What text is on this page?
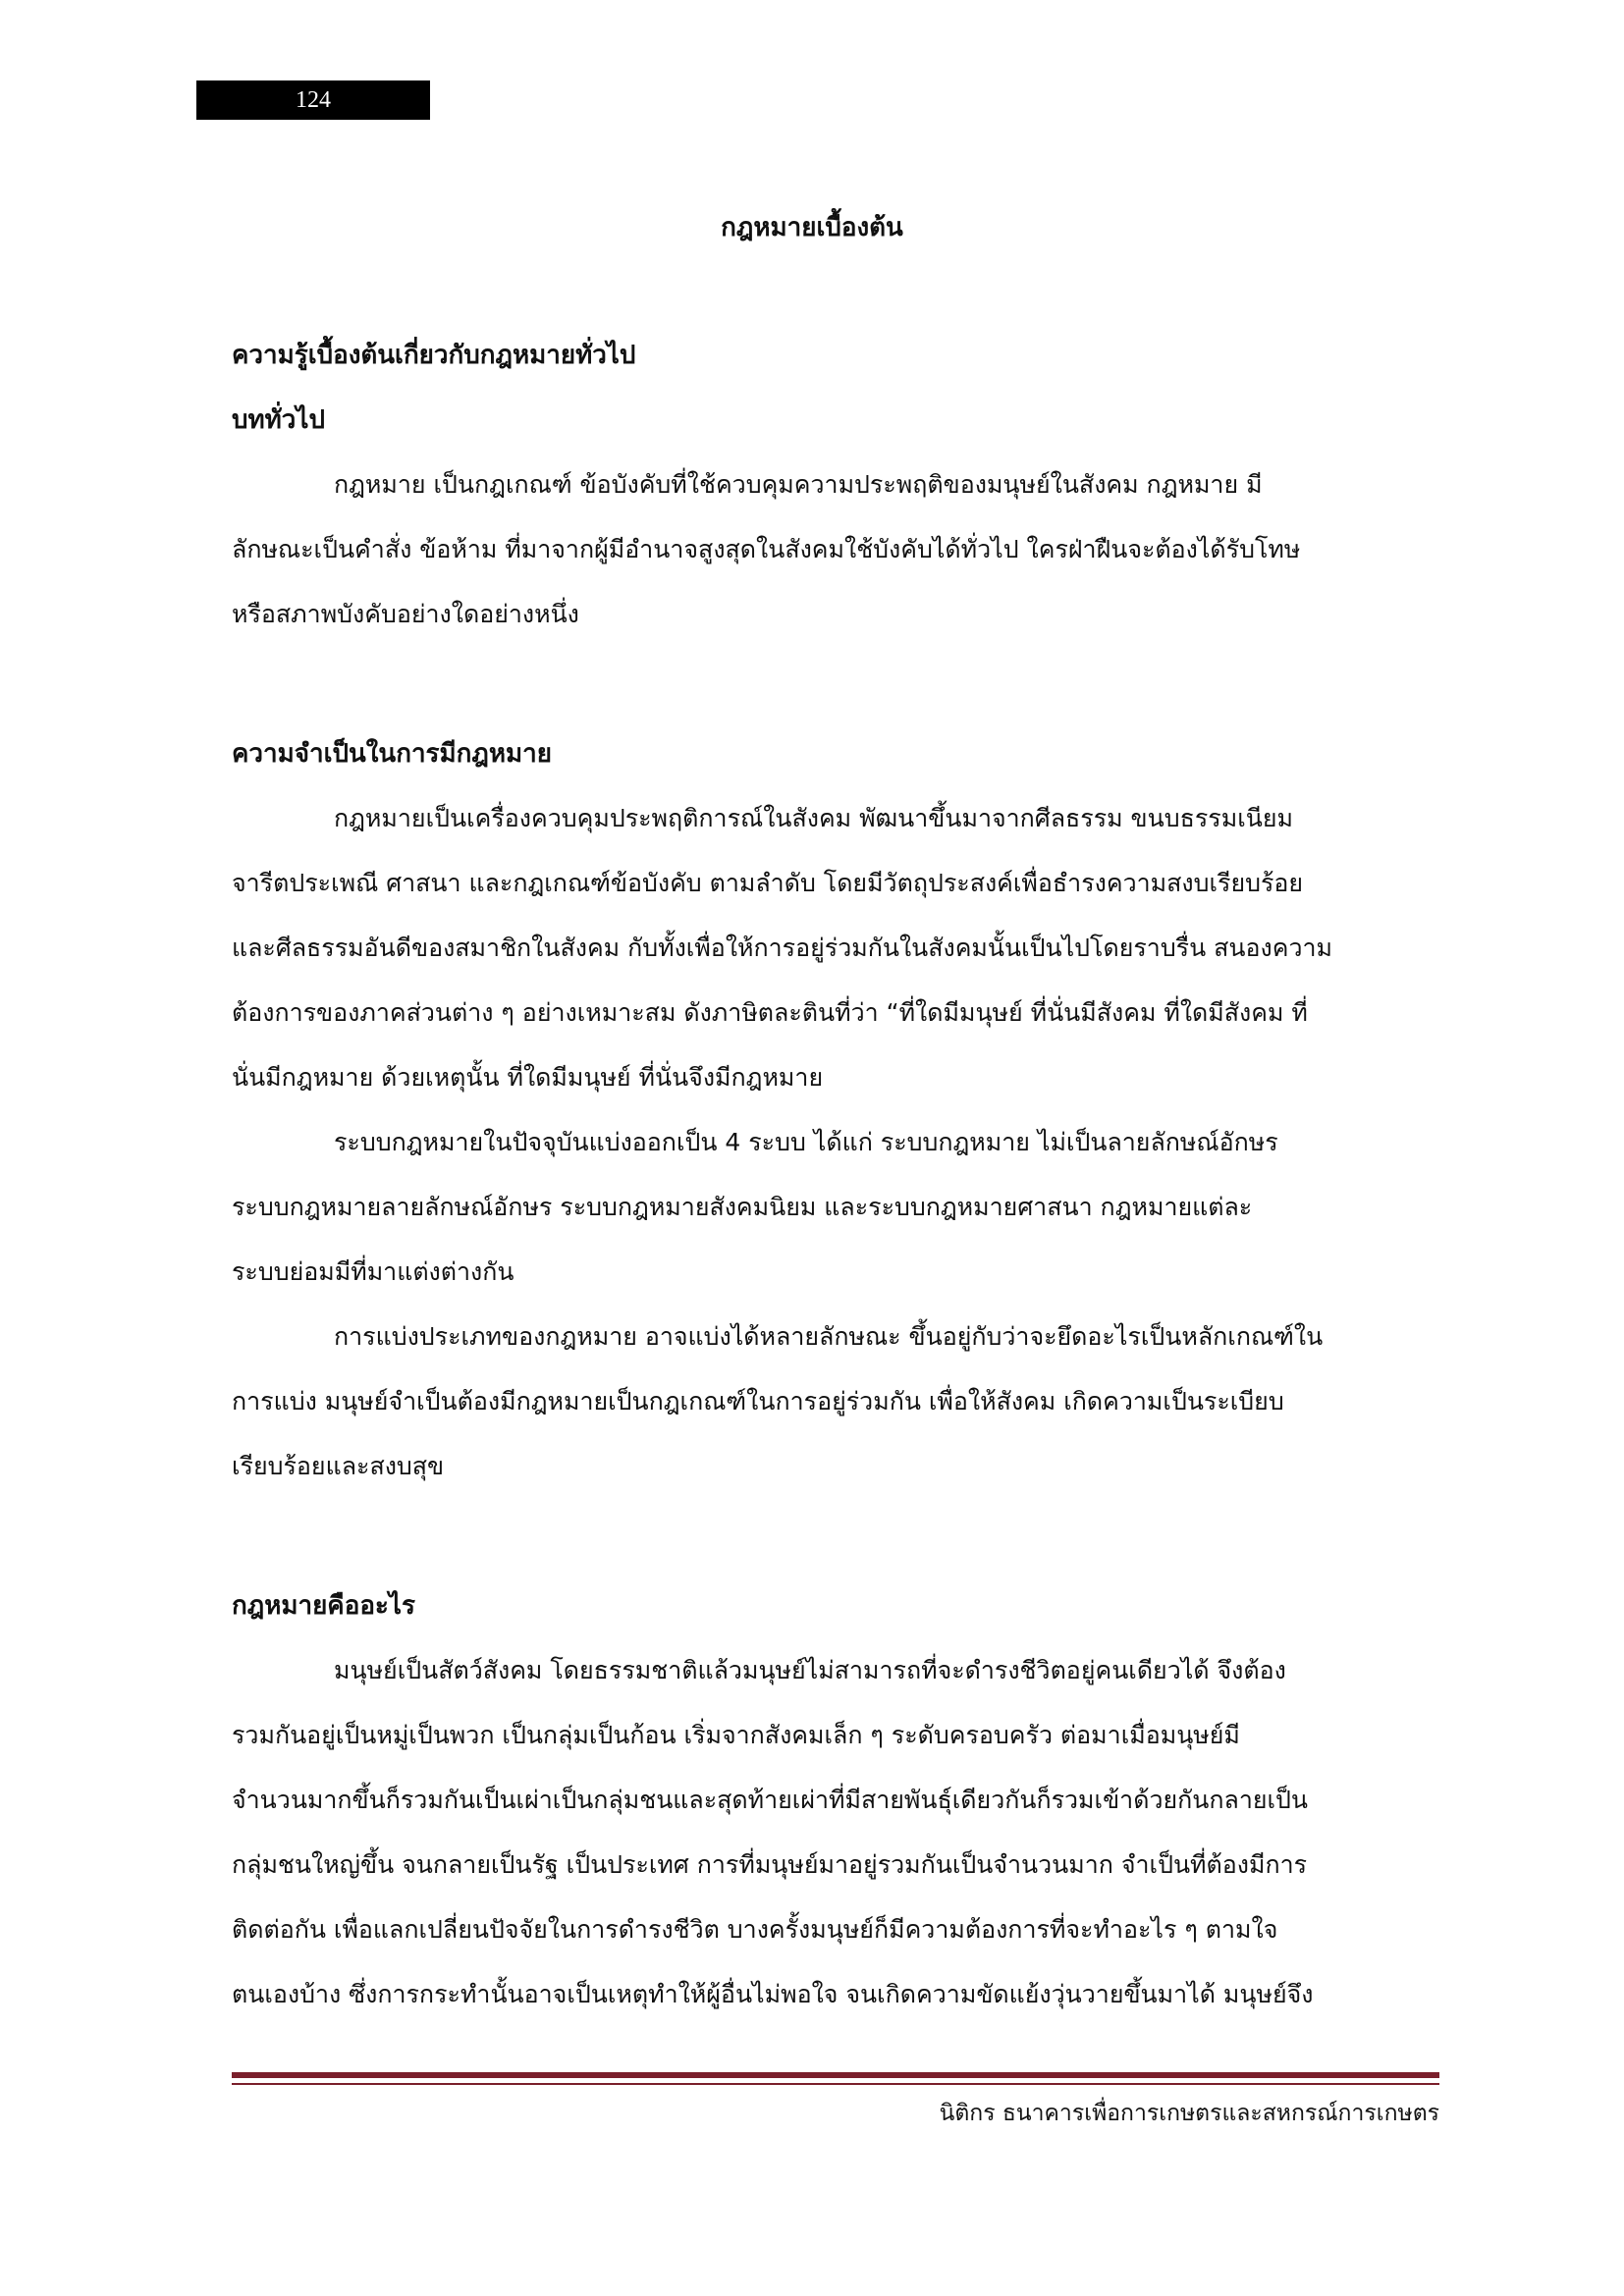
124
กฎหมายเบื้องต้น
ความรู้เบื้องต้นเกี่ยวกับกฎหมายทั่วไป
บททั่วไป

กฎหมาย เป็นกฎเกณฑ์ ข้อบังคับที่ใช้ควบคุมความประพฤติของมนุษย์ในสังคม กฎหมาย มี

ลักษณะเป็นคำสั่ง ข้อห้าม ที่มาจากผู้มีอำนาจสูงสุดในสังคมใช้บังคับได้ทั่วไป ใครฝ่าฝืนจะต้องได้รับโทษ

หรือสภาพบังคับอย่างใดอย่างหนึ่ง

ความจำเป็นในการมีกฎหมาย

กฎหมายเป็นเครื่องควบคุมประพฤติการณ์ในสังคม พัฒนาขึ้นมาจากศีลธรรม ขนบธรรมเนียม

จารีตประเพณี ศาสนา และกฎเกณฑ์ข้อบังคับ ตามลำดับ โดยมีวัตถุประสงค์เพื่อธำรงความสงบเรียบร้อย

และศีลธรรมอันดีของสมาชิกในสังคม กับทั้งเพื่อให้การอยู่ร่วมกันในสังคมนั้นเป็นไปโดยราบรื่น สนองความ

ต้องการของภาคส่วนต่าง ๆ อย่างเหมาะสม ดังภาษิตละตินที่ว่า “ที่ใดมีมนุษย์ ที่นั่นมีสังคม ที่ใดมีสังคม ที่

นั่นมีกฎหมาย ด้วยเหตุนั้น ที่ใดมีมนุษย์ ที่นั่นจึงมีกฎหมาย

ระบบกฎหมายในปัจจุบันแบ่งออกเป็น 4 ระบบ ได้แก่ ระบบกฎหมาย ไม่เป็นลายลักษณ์อักษร

ระบบกฎหมายลายลักษณ์อักษร ระบบกฎหมายสังคมนิยม และระบบกฎหมายศาสนา กฎหมายแต่ละ

ระบบย่อมมีที่มาแต่งต่างกัน

การแบ่งประเภทของกฎหมาย อาจแบ่งได้หลายลักษณะ ขึ้นอยู่กับว่าจะยึดอะไรเป็นหลักเกณฑ์ใน

การแบ่ง มนุษย์จำเป็นต้องมีกฎหมายเป็นกฎเกณฑ์ในการอยู่ร่วมกัน เพื่อให้สังคม เกิดความเป็นระเบียบ

เรียบร้อยและสงบสุข

กฎหมายคืออะไร

มนุษย์เป็นสัตว์สังคม โดยธรรมชาติแล้วมนุษย์ไม่สามารถที่จะดำรงชีวิตอยู่คนเดียวได้ จึงต้อง

รวมกันอยู่เป็นหมู่เป็นพวก เป็นกลุ่มเป็นก้อน เริ่มจากสังคมเล็ก ๆ ระดับครอบครัว ต่อมาเมื่อมนุษย์มี

จำนวนมากขึ้นก็รวมกันเป็นเผ่าเป็นกลุ่มชนและสุดท้ายเผ่าที่มีสายพันธุ์เดียวกันก็รวมเข้าด้วยกันกลายเป็น

กลุ่มชนใหญ่ขึ้น จนกลายเป็นรัฐ เป็นประเทศ การที่มนุษย์มาอยู่รวมกันเป็นจำนวนมาก จำเป็นที่ต้องมีการ

ติดต่อกัน เพื่อแลกเปลี่ยนปัจจัยในการดำรงชีวิต บางครั้งมนุษย์ก็มีความต้องการที่จะทำอะไร ๆ ตามใจ

ตนเองบ้าง ซึ่งการกระทำนั้นอาจเป็นเหตุทำให้ผู้อื่นไม่พอใจ จนเกิดความขัดแย้งวุ่นวายขึ้นมาได้ มนุษย์จึง

นิติกร ธนาคารเพื่อการเกษตรและสหกรณ์การเกษตร
